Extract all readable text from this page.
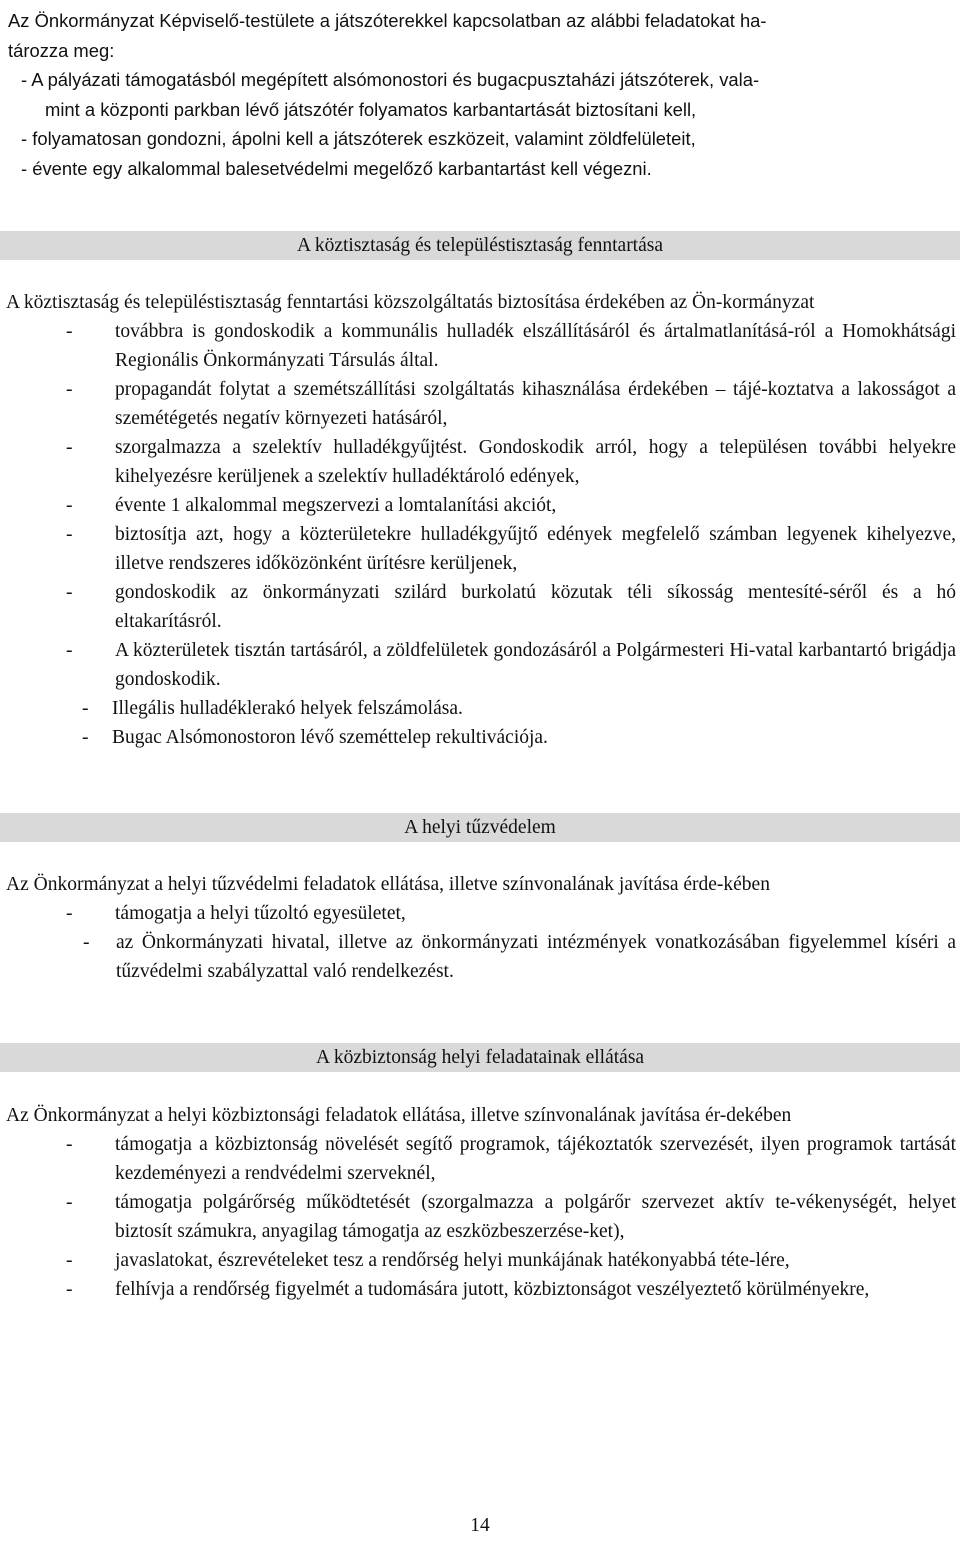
Az Önkormányzat Képviselő-testülete a játszóterekkel kapcsolatban az alábbi feladatokat ha-

tározza meg:

- A pályázati támogatásból megépített alsómonostori és bugacpusztaházi játszóterek, vala-

mint a központi parkban lévő játszótér folyamatos karbantartását biztosítani kell,

- folyamatosan gondozni, ápolni kell a játszóterek eszközeit, valamint zöldfelületeit,

- évente egy alkalommal balesetvédelmi megelőző karbantartást kell végezni.

A köztisztaság és településtisztaság fenntartása

A köztisztaság és településtisztaság fenntartási közszolgáltatás biztosítása érdekében az Ön-kormányzat

- továbbra is gondoskodik a kommunális hulladék elszállításáról és ártalmatlanításá-ról a Homokhátsági Regionális Önkormányzati Társulás által.
- propagandát folytat a szemétszállítási szolgáltatás kihasználása érdekében – tájé-koztatva a lakosságot a szemétégetés negatív környezeti hatásáról,
- szorgalmazza a szelektív hulladékgyűjtést. Gondoskodik arról, hogy a településen további helyekre kihelyezésre kerüljenek a szelektív hulladéktároló edények,
- évente 1 alkalommal megszervezi a lomtalanítási akciót,
- biztosítja azt, hogy a közterületekre hulladékgyűjtő edények megfelelő számban legyenek kihelyezve, illetve rendszeres időközönként ürítésre kerüljenek,
- gondoskodik az önkormányzati szilárd burkolatú közutak téli síkosság mentesíté-séről és a hó eltakarításról.
- A közterületek tisztán tartásáról, a zöldfelületek gondozásáról a Polgármesteri Hi-vatal karbantartó brigádja gondoskodik.
- Illegális hulladéklerakó helyek felszámolása.
- Bugac Alsómonostoron lévő szeméttelep rekultivációja.
A helyi tűzvédelem

Az Önkormányzat a helyi tűzvédelmi feladatok ellátása, illetve színvonalának javítása érde-kében

- támogatja a helyi tűzoltó egyesületet,
- az Önkormányzati hivatal, illetve az önkormányzati intézmények vonatkozásában figyelemmel kíséri a tűzvédelmi szabályzattal való rendelkezést.
A közbiztonság helyi feladatainak ellátása

Az Önkormányzat a helyi közbiztonsági feladatok ellátása, illetve színvonalának javítása ér-dekében

- támogatja a közbiztonság növelését segítő programok, tájékoztatók szervezését, ilyen programok tartását kezdeményezi a rendvédelmi szerveknél,
- támogatja polgárőrség működtetését (szorgalmazza a polgárőr szervezet aktív te-vékenységét, helyet biztosít számukra, anyagilag támogatja az eszközbeszerzése-ket),
- javaslatokat, észrevételeket tesz a rendőrség helyi munkájának hatékonyabbá téte-lére,
- felhívja a rendőrség figyelmét a tudomására jutott, közbiztonságot veszélyeztető körülményekre,
14
